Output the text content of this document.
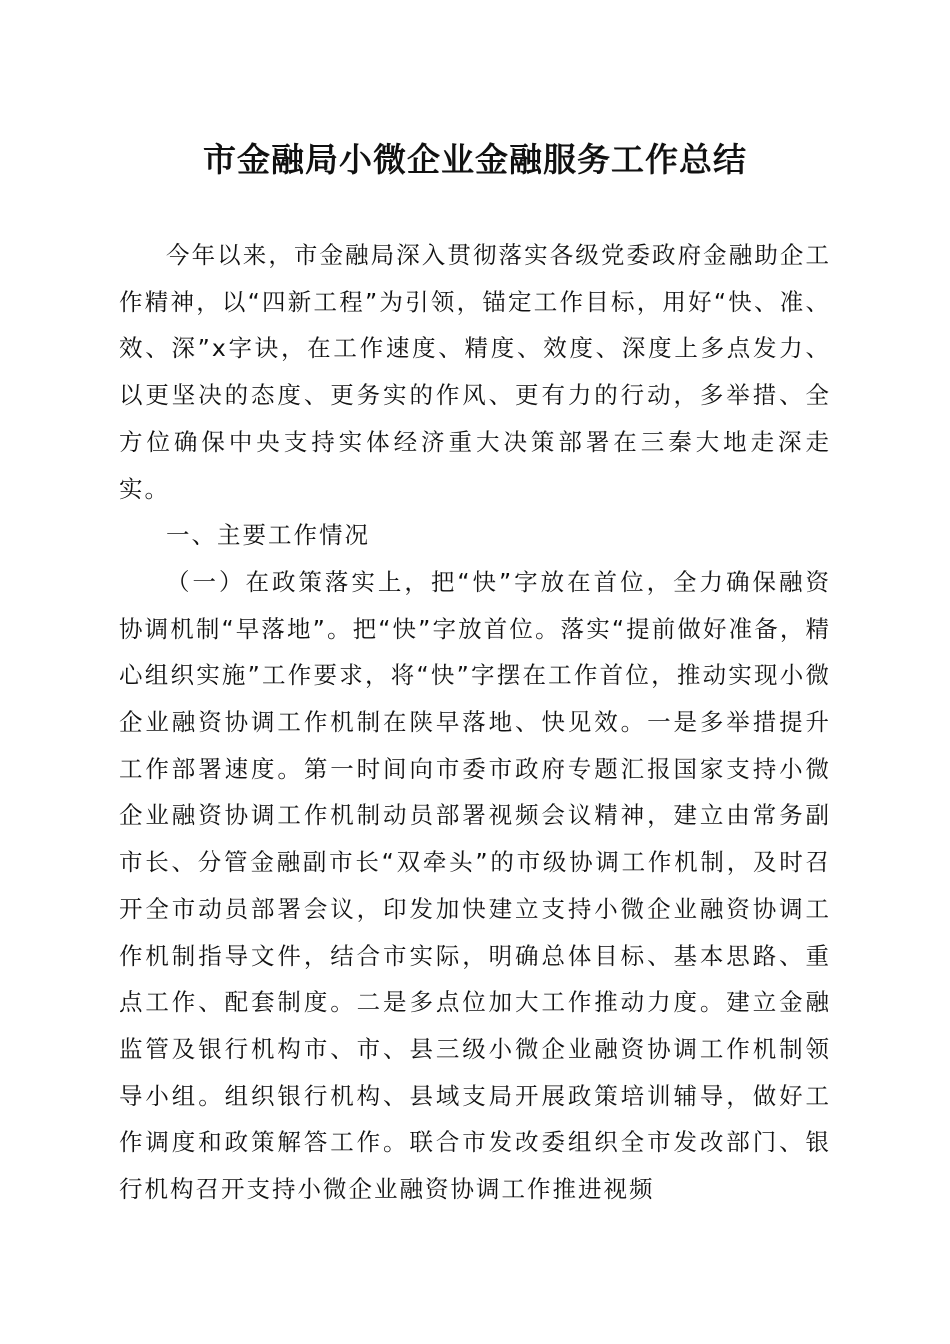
市金融局小微企业金融服务工作总结

今年以来，市金融局深入贯彻落实各级党委政府金融助企工作精神，以“四新工程”为引领，锚定工作目标，用好“快、准、效、深”x字诀，在工作速度、精度、效度、深度上多点发力、以更坚决的态度、更务实的作风、更有力的行动，多举措、全方位确保中央支持实体经济重大决策部署在三秦大地走深走实。

一、主要工作情况

（一）在政策落实上，把“快”字放在首位，全力确保融资协调机制“早落地”。把“快”字放首位。落实“提前做好准备，精心组织实施”工作要求，将“快”字摆在工作首位，推动实现小微企业融资协调工作机制在陕早落地、快见效。一是多举措提升工作部署速度。第一时间向市委市政府专题汇报国家支持小微企业融资协调工作机制动员部署视频会议精神，建立由常务副市长、分管金融副市长“双牵头”的市级协调工作机制，及时召开全市动员部署会议，印发加快建立支持小微企业融资协调工作机制指导文件，结合市实际，明确总体目标、基本思路、重点工作、配套制度。二是多点位加大工作推动力度。建立金融监管及银行机构市、市、县三级小微企业融资协调工作机制领导小组。组织银行机构、县域支局开展政策培训辅导，做好工作调度和政策解答工作。联合市发改委组织全市发改部门、银行机构召开支持小微企业融资协调工作推进视频
